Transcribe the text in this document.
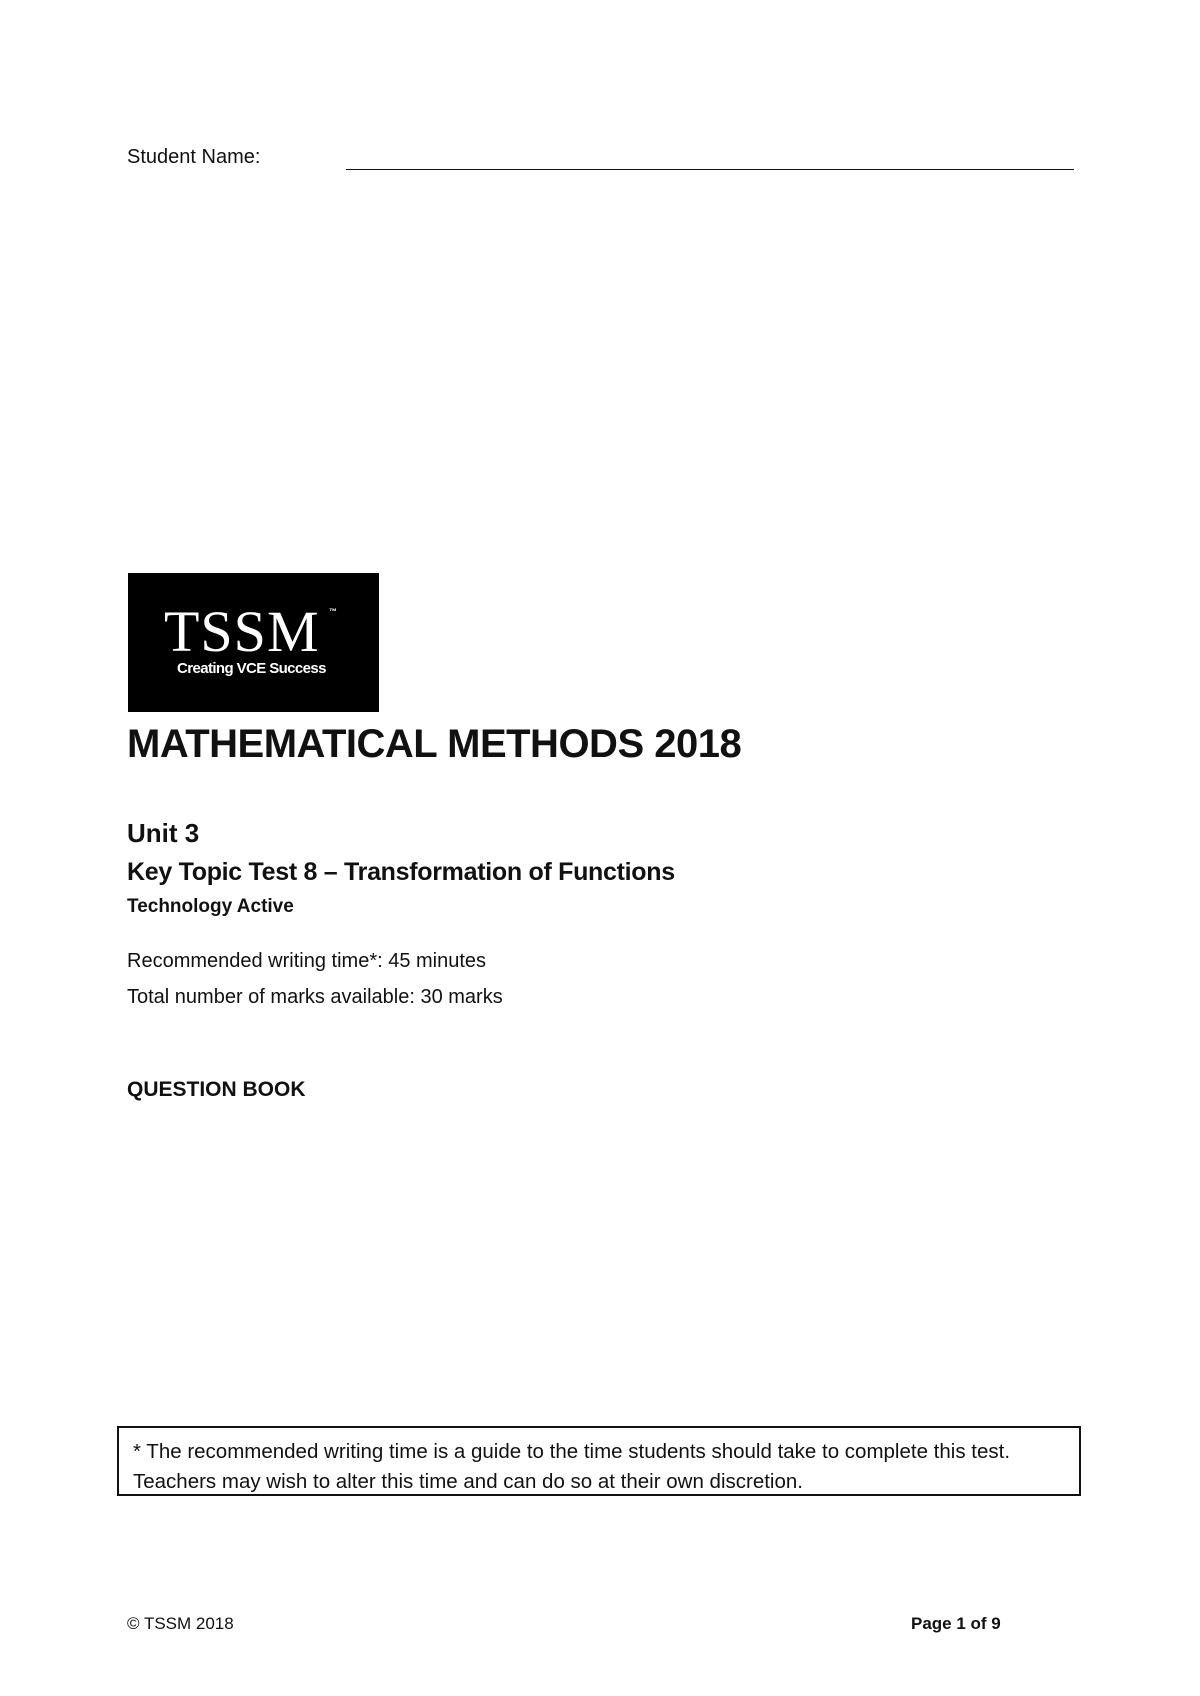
Student Name:
TSSM ™
Creating VCE Success
MATHEMATICAL METHODS 2018
Unit 3
Key Topic Test 8 – Transformation of Functions
Technology Active
Recommended writing time*: 45 minutes
Total number of marks available: 30 marks
QUESTION BOOK
* The recommended writing time is a guide to the time students should take to complete this test. Teachers may wish to alter this time and can do so at their own discretion.
© TSSM 2018	Page 1 of 9
